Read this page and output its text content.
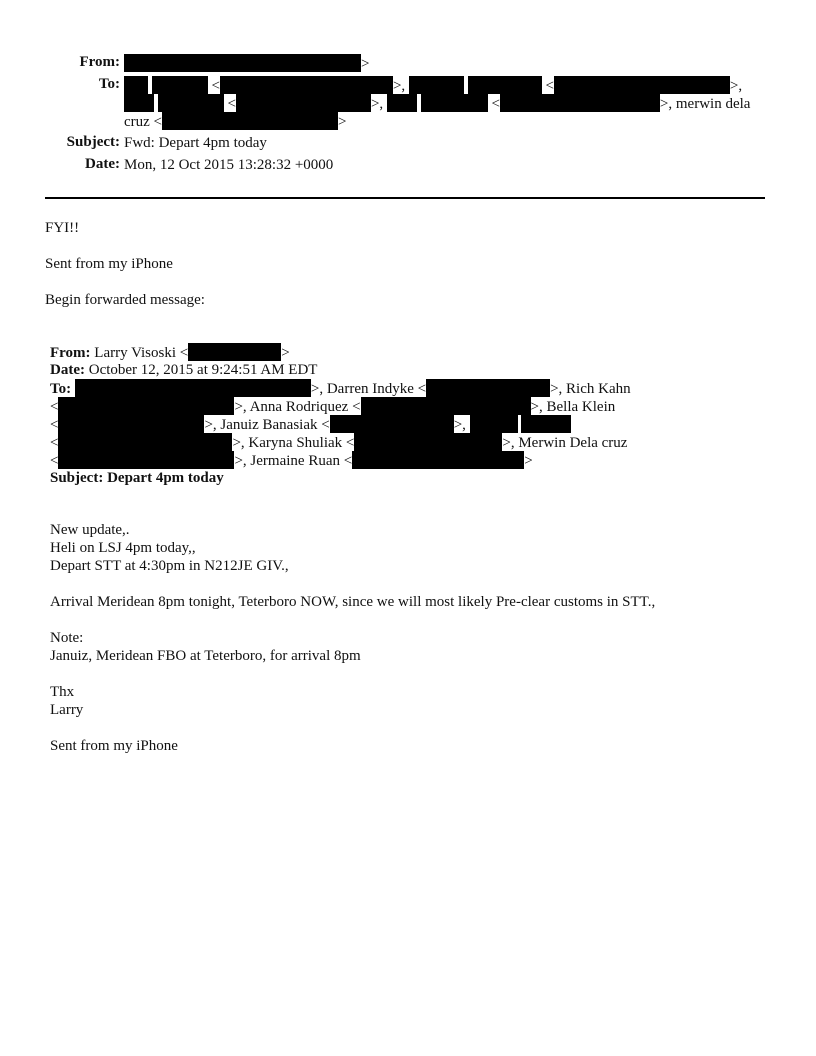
From:	>
To:	<	>,	<	>,
<	>,	<	>, merwin dela
cruz <	>
Subject: Fwd: Depart 4pm today
Date: Mon, 12 Oct 2015 13:28:32 +0000
FYI!!
Sent from my iPhone
Begin forwarded message:
From: Larry Visoski <	>
Date: October 12, 2015 at 9:24:51 AM EDT
To:	>, Darren Indyke <	>, Rich Kahn
<	>, Anna Rodriquez <	>, Bella Klein
<	>, Januiz Banasiak <	>,
<	>, Karyna Shuliak <	>, Merwin Dela cruz
<	>, Jermaine Ruan <	>
Subject: Depart 4pm today
New update,.
Heli on LSJ 4pm today,,
Depart STT at 4:30pm in N212JE GIV.,
Arrival Meridean 8pm tonight, Teterboro NOW, since we will most likely Pre-clear customs in STT.,
Note:
Januiz, Meridean FBO at Teterboro, for arrival 8pm
Thx
Larry
Sent from my iPhone
